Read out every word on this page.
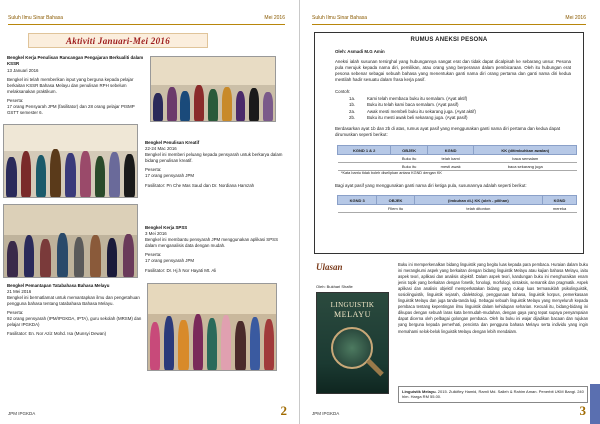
Suluh Ilmu Sinar Bahasa	Mei 2016
Aktiviti Januari-Mei 2016

Bengkel Kerja Penulisan Rancangan Pengajaran Berkualiti dalam KSSR

13 Januari 2016

Bengkel ini telah memberikan input yang berguna kepada pelajar berkaitan KSSR Bahasa Melayu dan penulisan RPH sebelum melaksanakan praktikum.

Peserta:

17 orang Pensyarah JPM (fasilitator) dan 28 orang pelajar PISMP GSTT semester 6.

Bengkel Penulisan Kreatif

22-24 Mac 2016

Bengkel ini memberi peluang kepada pensyarah untuk berkarya dalam bidang penulisan kreatif.

Peserta:

17 orang pensyarah JPM

Fasilitator: Pn Che Mas Saud dan Dr. Nordiana Hamzah

Bengkel Kerja SPSS

3 Mei 2016

Bengkel ini membantu pensyarah JPM menggunakan aplikasi SPSS dalam menganalisis data dengan mudah.

Peserta:

17 orang pensyarah JPM

Fasilitator: Dr. Hj.h Nor Hayati Mt. Ali

Bengkel Pemantapan Tatabahasa Bahasa Melayu

21 Mei 2016

Bengkel ini bermatlamat untuk memantapkan ilmu dan pengetahuan pengguna bahasa tentang tatabahasa Bahasa Melayu.

Peserta:

92 orang pensyarah (IPM/IPGKDA, IPTA), guru sekolah (MRSM) dan pelajar IPGKDA)

Fasilitator: En. Nor Aziz Mohd. Isa (Munsyi Dewan)

JPM IPGKDA	2
Suluh Ilmu Sinar Bahasa	Mei 2016
RUMUS ANEKSI PESONA
Oleh: Asmadi M.G Amin
Aneksi ialah susunan tersirghal yang hubungannya sangat erat dan tidak dapat dicalpisah ke sebarang unsur. Pesona pula merujuk kepada nama diri, pemilikan, atau orang yang berperanan dalam pembicaraan. Oleh itu hubungan erat pesona sebenar sebagai sebuah bahasa yang menentukan ganti nama diri orang pertama dan ganti nama diri kedua mestilah hadir sesuatu dalam frasa kerja pasif.
Contoh:
1a.	Kami telah membaca buku itu semalam. (Ayat aktif)
1b.	Buku itu telah kami baca semalam. (Ayat pasif)
2a.	Awak mesti membeli buku itu sekarang juga. (Ayat aktif)
2b.	Buku itu mesti awak beli sekarang juga. (Ayat pasif)
Berdasarkan ayat 1b dan 2b di atas, rumus ayat pasif yang menggunakan ganti nama diri pertama dan kedua dapat dirumuskan seperti berikut:
KGND 1 & 2	OBJEK	KGND	KK (ditimbuhkan awalan)
	Buku itu	telah kami	baca semalam
	Buku itu	mesti awak	baca sekarang juga
*Kata bantu tidak boleh diselipkan antara KGND dengan KK
Bagi ayat pasif yang menggunakan ganti nama diri ketiga pula, susunannya adalah seperti berikut:
KGND 3	OBJEK	(imbuhan di-) KK (oleh - pilihan)	KGND
	Filem itu	telah ditonton	mereka
Ulasan
Oleh: Bukhari Shafie
LINGUISTIK
MELAYU
Buku ini memperkenalkan bidang linguistik yang begitu luas kepada para pembaca. Huraian dalam buku ini merangkumi aspek yang berkaitan dengan bidang linguistik Melayu atau kajian bahasa Melayu, iaitu aspek teori, aplikasi dan analisis objektif. Dalam aspek teori, kandungan buku ini menghuraikan enam jenis topik yang berkaitan dengan fonetik, fonologi, morfologi, sintaksis, semantik dan pragmatik. Aspek aplikasi dan analisis objektif memperkatakan bidang yang cukup luas termasuklah psikolinguistik, sosiolinguistik, linguistik sejarah, dialektologi, penggunaan bahasa, linguistik korpus, pemerkasaan linguistik Melayu dan juga tanda-tanda kaji. Sebagai sebuah linguistik Melayu yang menyeluruh kepada pembaca tentang kepentingan ilmu linguistik dalam kehidupan seharian. Kecuali itu, bidang-bidang ini dikupas dengan sebuah laras kata bermudah-mudahan, dengan gaya yang tepat supaya penyampaian dapat dicerna oleh pelbagai golongan pembaca. Oleh itu buku ini wajar dijadikan bacaan dan rujukan yang berguna kepada pemerhati, pencinta dan pengguna bahasa Melayu serta individu yang ingin memahami selok-belok linguistik Melayu dengan lebih mendalam.
Linguistik Melayu. 2015. Zulkifley Hamid, Ramli Md. Salleh & Rahim Aman. Penerbit UKM Bangi. 240 hlm. Harga RM 55.00.
JPM IPGKDA	3
